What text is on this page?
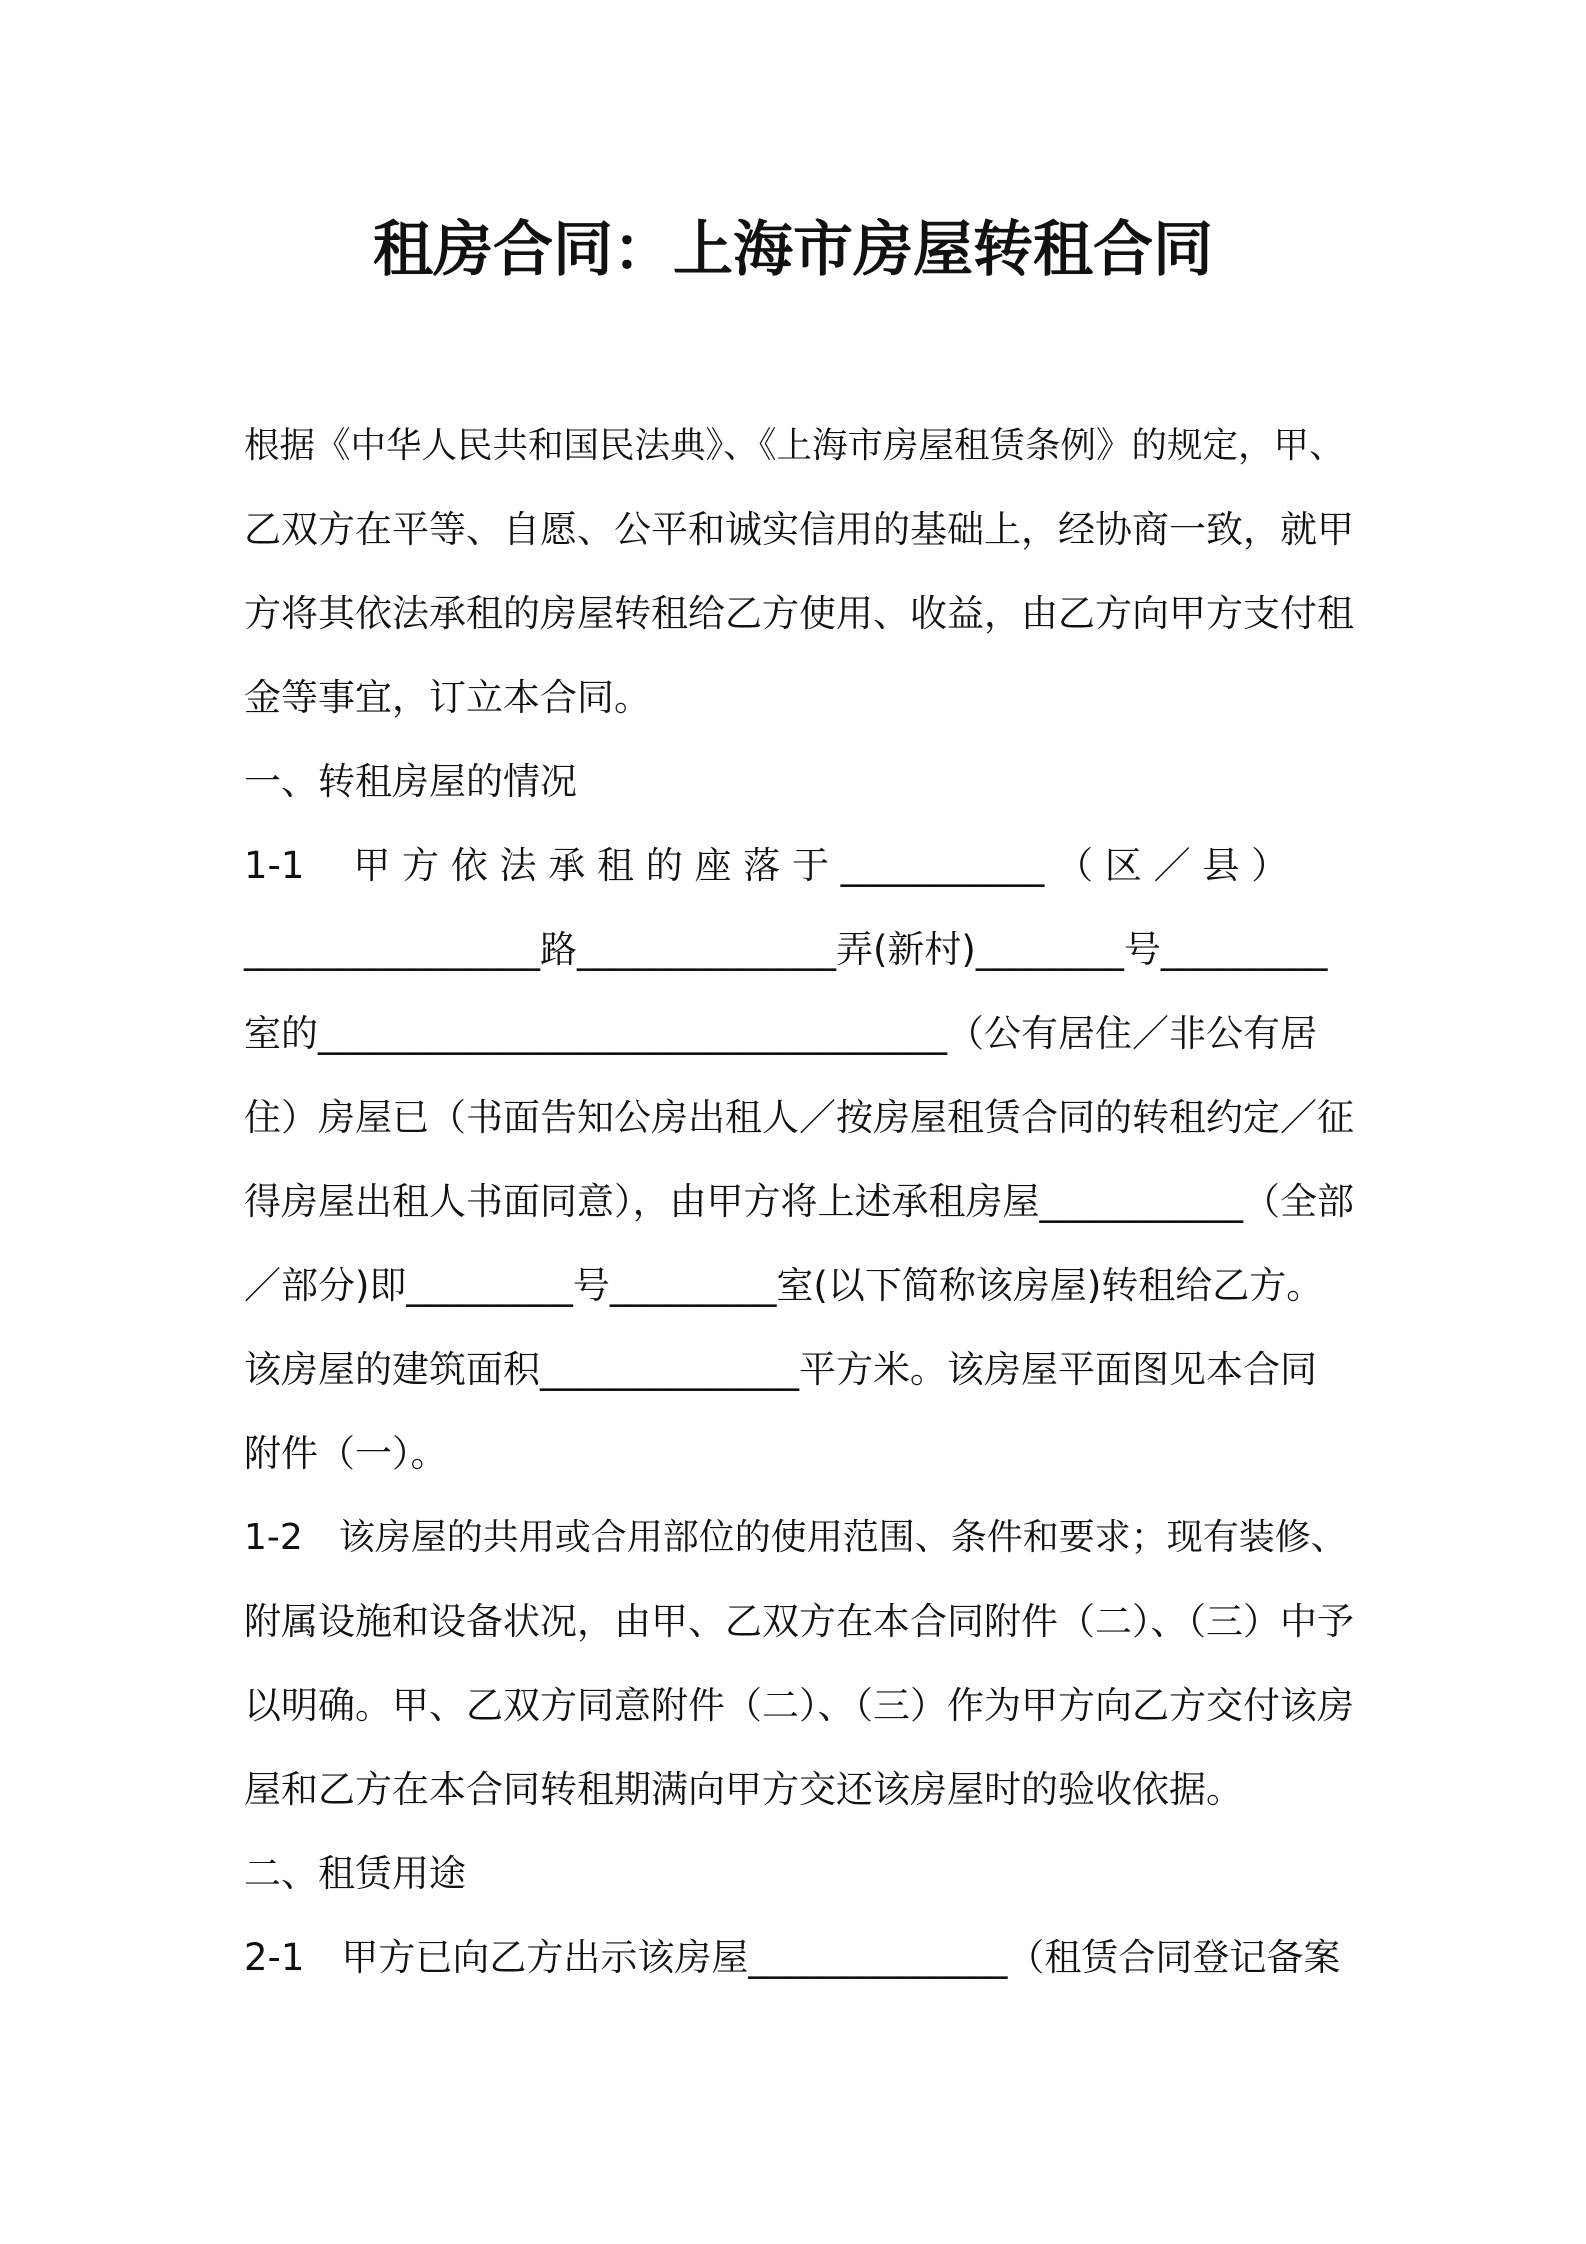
租房合同：上海市房屋转租合同
根据《中华人民共和国民法典》、《上海市房屋租赁条例》的规定，甲、
乙双方在平等、自愿、公平和诚实信用的基础上，经协商一致，就甲
方将其依法承租的房屋转租给乙方使用、收益，由乙方向甲方支付租
金等事宜，订立本合同。
一、转租房屋的情况
1-1　 甲 方 依 法 承 租 的 座 落 于 ___________ （ 区 ／ 县 ）
________________路______________弄(新村)________号_________
室的__________________________________（公有居住／非公有居
住）房屋已（书面告知公房出租人／按房屋租赁合同的转租约定／征
得房屋出租人书面同意），由甲方将上述承租房屋___________（全部
／部分)即_________号_________室(以下简称该房屋)转租给乙方。
该房屋的建筑面积______________平方米。该房屋平面图见本合同
附件（一）。
1-2　该房屋的共用或合用部位的使用范围、条件和要求；现有装修、
附属设施和设备状况，由甲、乙双方在本合同附件（二）、（三）中予
以明确。甲、乙双方同意附件（二）、（三）作为甲方向乙方交付该房
屋和乙方在本合同转租期满向甲方交还该房屋时的验收依据。
二、租赁用途
2-1　甲方已向乙方出示该房屋______________（租赁合同登记备案
